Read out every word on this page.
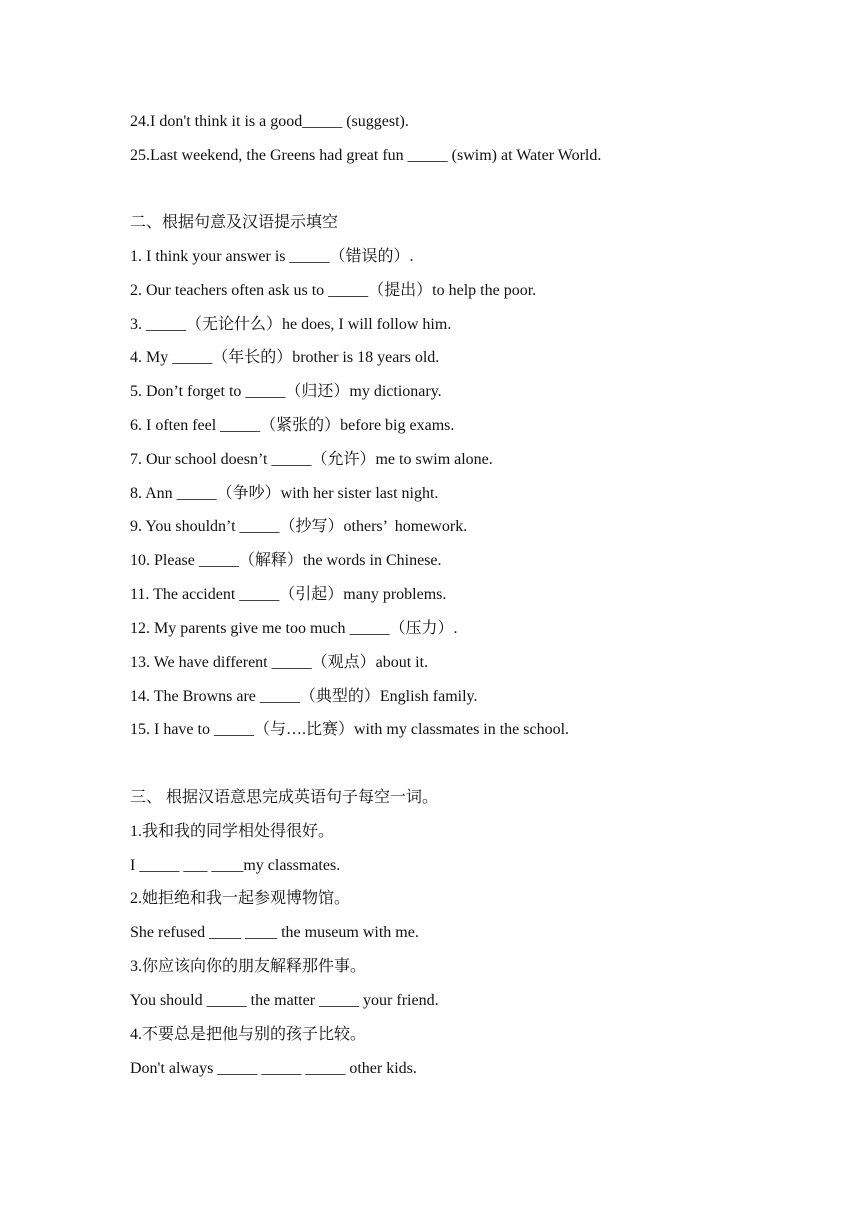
24.I don't think it is a good_____ (suggest).
25.Last weekend, the Greens had great fun _____ (swim) at Water World.
二、根据句意及汉语提示填空
1. I think your answer is _____（错误的）.
2. Our teachers often ask us to _____（提出）to help the poor.
3. _____（无论什么）he does, I will follow him.
4. My _____（年长的）brother is 18 years old.
5. Don’t forget to _____（归还）my dictionary.
6. I often feel _____（紧张的）before big exams.
7. Our school doesn’t _____（允许）me to swim alone.
8. Ann _____（争吵）with her sister last night.
9. You shouldn’t _____（抄写）others’  homework.
10. Please _____（解释）the words in Chinese.
11. The accident _____（引起）many problems.
12. My parents give me too much _____（压力）.
13. We have different _____（观点）about it.
14. The Browns are _____（典型的）English family.
15. I have to _____（与….比赛）with my classmates in the school.
三、 根据汉语意思完成英语句子每空一词。
1.我和我的同学相处得很好。
I _____ ___ ____my classmates.
2.她拒绝和我一起参观博物馆。
She refused ____ ____ the museum with me.
3.你应该向你的朋友解释那件事。
You should _____ the matter _____ your friend.
4.不要总是把他与别的孩子比较。
Don't always _____ _____ _____ other kids.
